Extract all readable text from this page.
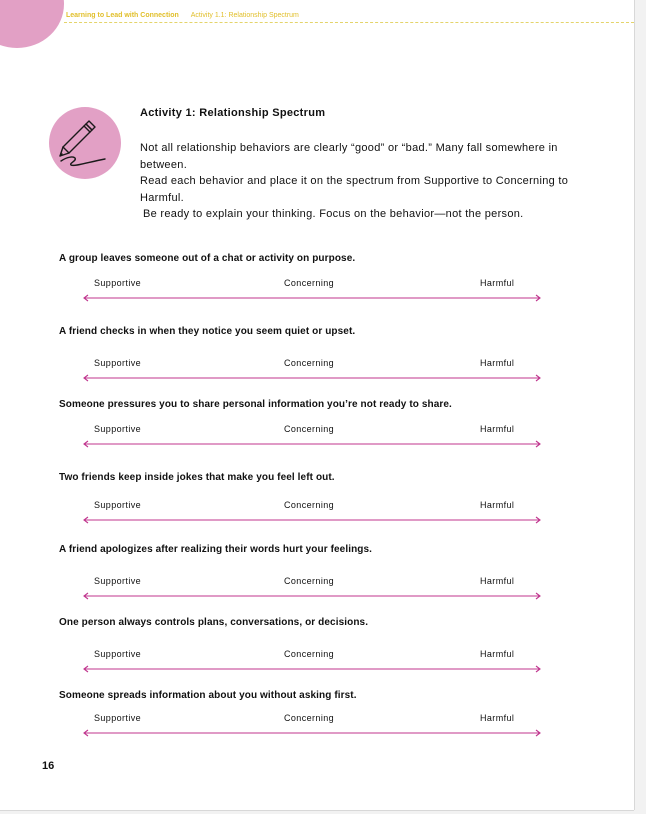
Learning to Lead with Connection Activity 1.1: Relationship Spectrum
Activity 1: Relationship Spectrum

Not all relationship behaviors are clearly “good” or “bad.” Many fall somewhere in between.

Read each behavior and place it on the spectrum from Supportive to Concerning to Harmful.

Be ready to explain your thinking. Focus on the behavior—not the person.

A group leaves someone out of a chat or activity on purpose.
Supportive	Concerning	Harmful
A friend checks in when they notice you seem quiet or upset.
Supportive	Concerning	Harmful
Someone pressures you to share personal information you’re not ready to share.
Supportive	Concerning	Harmful
Two friends keep inside jokes that make you feel left out.
Supportive	Concerning	Harmful
A friend apologizes after realizing their words hurt your feelings.
Supportive	Concerning	Harmful
One person always controls plans, conversations, or decisions.
Supportive	Concerning	Harmful
Someone spreads information about you without asking first.
Supportive	Concerning	Harmful
16
